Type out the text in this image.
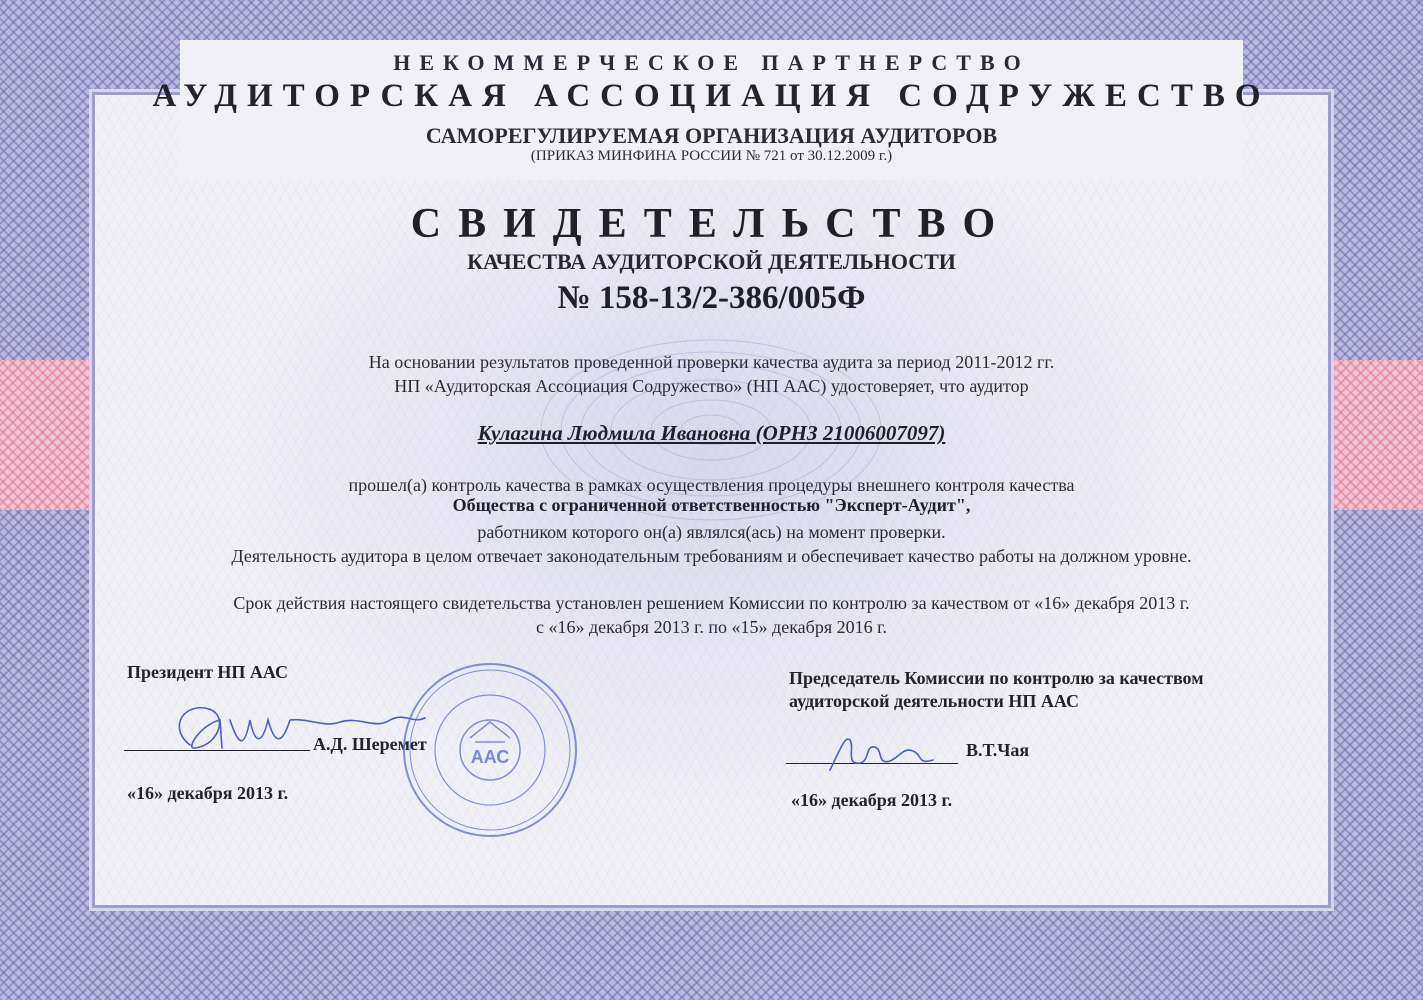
НЕКОММЕРЧЕСКОЕ ПАРТНЕРСТВО
АУДИТОРСКАЯ АССОЦИАЦИЯ СОДРУЖЕСТВО
САМОРЕГУЛИРУЕМАЯ ОРГАНИЗАЦИЯ АУДИТОРОВ
(ПРИКАЗ МИНФИНА РОССИИ № 721 от 30.12.2009 г.)
СВИДЕТЕЛЬСТВО
КАЧЕСТВА АУДИТОРСКОЙ ДЕЯТЕЛЬНОСТИ
№ 158-13/2-386/005Ф
На основании результатов проведенной проверки качества аудита за период 2011-2012 гг.
НП «Аудиторская Ассоциация Содружество» (НП ААС) удостоверяет, что аудитор
Кулагина Людмила Ивановна (ОРНЗ 21006007097)
прошел(а) контроль качества в рамках осуществления процедуры внешнего контроля качества
Общества с ограниченной ответственностью "Эксперт-Аудит",
работником которого он(а) являлся(ась) на момент проверки.
Деятельность аудитора в целом отвечает законодательным требованиям и обеспечивает качество работы на должном уровне.
Срок действия настоящего свидетельства установлен решением Комиссии по контролю за качеством от «16» декабря 2013 г.
с «16» декабря 2013 г. по «15» декабря 2016 г.
Президент НП ААС
А.Д. Шеремет
«16» декабря 2013 г.
ААС
Председатель Комиссии по контролю за качеством
аудиторской деятельности НП ААС
В.Т.Чая
«16» декабря 2013 г.
